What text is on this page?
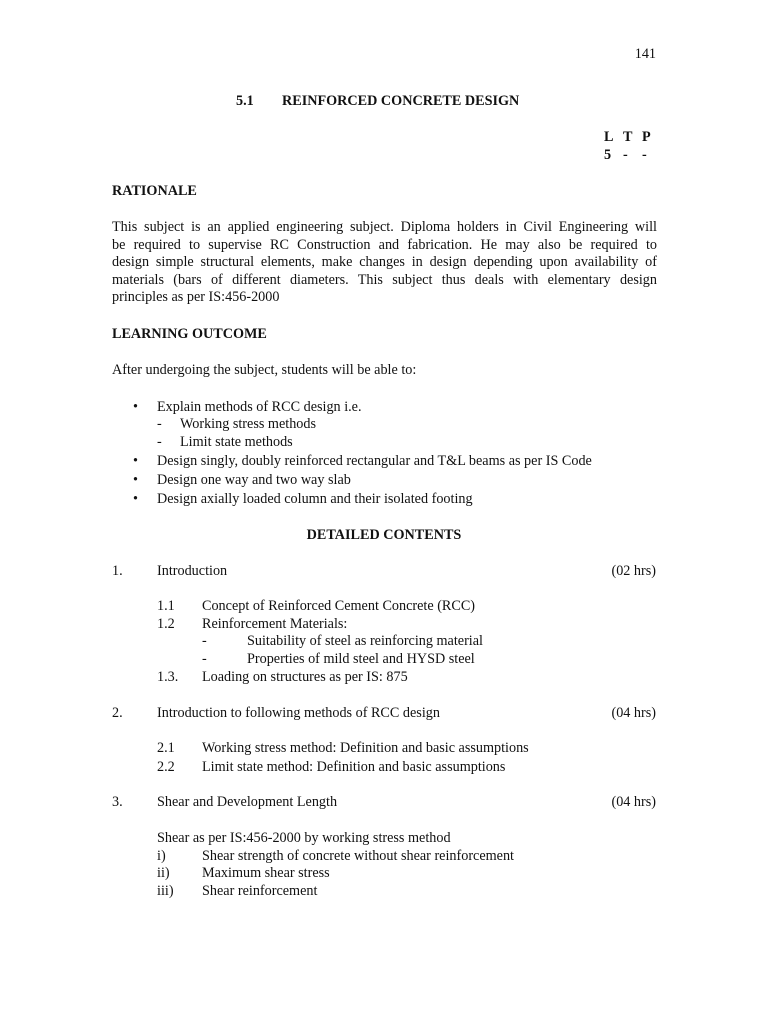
141
5.1 REINFORCED CONCRETE DESIGN
L T P
5 - -
RATIONALE
This subject is an applied engineering subject. Diploma holders in Civil Engineering will
be required to supervise RC Construction and fabrication. He may also be required to
design simple structural elements, make changes in design depending upon availability of
materials (bars of different diameters. This subject thus deals with elementary design
principles as per IS:456-2000
LEARNING OUTCOME
After undergoing the subject, students will be able to:
• Explain methods of RCC design i.e.
- Working stress methods
- Limit state methods
• Design singly, doubly reinforced rectangular and T&L beams as per IS Code
• Design one way and two way slab
• Design axially loaded column and their isolated footing
DETAILED CONTENTS
1. Introduction	(02 hrs)
1.1 Concept of Reinforced Cement Concrete (RCC)
1.2 Reinforcement Materials:
-	Suitability of steel as reinforcing material
-	Properties of mild steel and HYSD steel
1.3. Loading on structures as per IS: 875
2. Introduction to following methods of RCC design	(04 hrs)
2.1 Working stress method: Definition and basic assumptions
2.2 Limit state method: Definition and basic assumptions
3. Shear and Development Length	(04 hrs)
Shear as per IS:456-2000 by working stress method
i)	Shear strength of concrete without shear reinforcement
ii) Maximum shear stress
iii) Shear reinforcement
